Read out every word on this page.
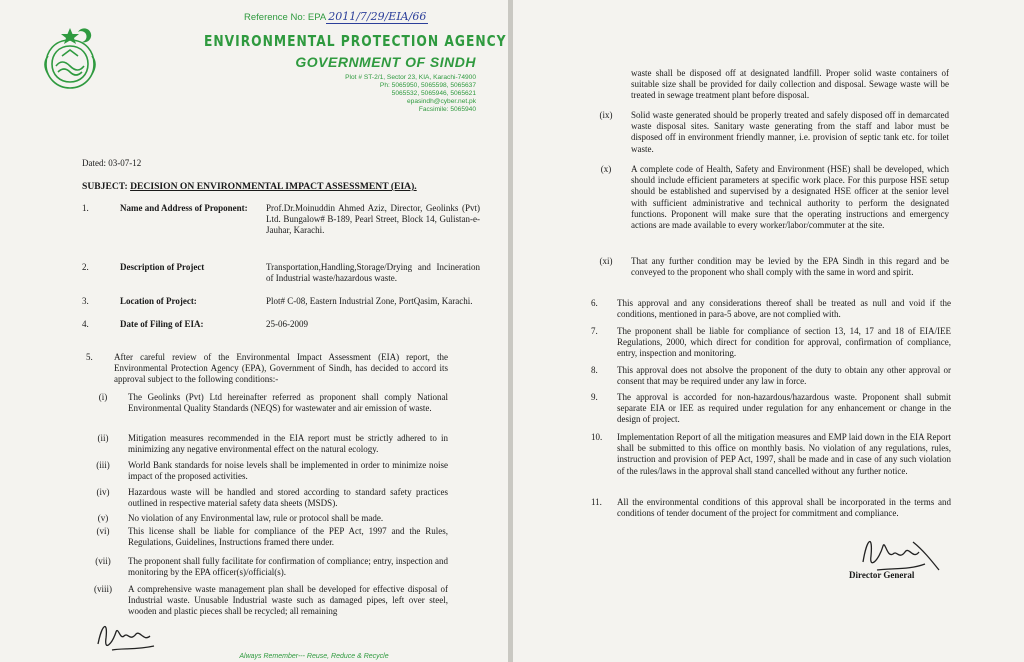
Reference No: EPA 2011/7/29/EIA/66
ENVIRONMENTAL PROTECTION AGENCY
GOVERNMENT OF SINDH
Plot # ST-2/1, Sector 23, KIA, Karachi-74900
Ph: 5065950, 5065598, 5065637
5065532, 5065946, 5065621
epasindh@cyber.net.pk
Facsimile: 5065940
Dated: 03-07-12
SUBJECT: DECISION ON ENVIRONMENTAL IMPACT ASSESSMENT (EIA).
1.	Name and Address of Proponent:	Prof.Dr.Moinuddin Ahmed Aziz, Director, Geolinks (Pvt) Ltd. Bungalow# B-189, Pearl Street, Block 14, Gulistan-e-Jauhar, Karachi.
2.	Description of Project	Transportation,Handling,Storage/Drying and Incineration of Industrial waste/hazardous waste.
3.	Location of Project:	Plot# C-08, Eastern Industrial Zone, PortQasim, Karachi.
4.	Date of Filing of EIA:	25-06-2009
5. After careful review of the Environmental Impact Assessment (EIA) report, the Environmental Protection Agency (EPA), Government of Sindh, has decided to accord its approval subject to the following conditions:-
(i)	The Geolinks (Pvt) Ltd hereinafter referred as proponent shall comply National Environmental Quality Standards (NEQS) for wastewater and air emission of waste.
(ii)	Mitigation measures recommended in the EIA report must be strictly adhered to in minimizing any negative environmental effect on the natural ecology.
(iii)	World Bank standards for noise levels shall be implemented in order to minimize noise impact of the proposed activities.
(iv)	Hazardous waste will be handled and stored according to standard safety practices outlined in respective material safety data sheets (MSDS).
(v)	No violation of any Environmental law, rule or protocol shall be made.
(vi)	This license shall be liable for compliance of the PEP Act, 1997 and the Rules, Regulations, Guidelines, Instructions framed there under.
(vii)	The proponent shall fully facilitate for confirmation of compliance; entry, inspection and monitoring by the EPA officer(s)/official(s).
(viii)	A comprehensive waste management plan shall be developed for effective disposal of Industrial waste. Unusable Industrial waste such as damaged pipes, left over steel, wooden and plastic pieces shall be recycled; all remaining
Always Remember--- Reuse, Reduce & Recycle
waste shall be disposed off at designated landfill. Proper solid waste containers of suitable size shall be provided for daily collection and disposal. Sewage waste will be treated in sewage treatment plant before disposal.
(ix)	Solid waste generated should be properly treated and safely disposed off in demarcated waste disposal sites. Sanitary waste generating from the staff and labor must be disposed off in environment friendly manner, i.e. provision of septic tank etc. for toilet waste.
(x)	A complete code of Health, Safety and Environment (HSE) shall be developed, which should include efficient parameters at specific work place. For this purpose HSE setup should be established and supervised by a designated HSE officer at the senior level with sufficient administrative and technical authority to perform the designated functions. Proponent will make sure that the operating instructions and emergency actions are made available to every worker/labor/commuter at the site.
(xi)	That any further condition may be levied by the EPA Sindh in this regard and be conveyed to the proponent who shall comply with the same in word and spirit.
6. This approval and any considerations thereof shall be treated as null and void if the conditions, mentioned in para-5 above, are not complied with.
7. The proponent shall be liable for compliance of section 13, 14, 17 and 18 of EIA/IEE Regulations, 2000, which direct for condition for approval, confirmation of compliance, entry, inspection and monitoring.
8. This approval does not absolve the proponent of the duty to obtain any other approval or consent that may be required under any law in force.
9. The approval is accorded for non-hazardous/hazardous waste. Proponent shall submit separate EIA or IEE as required under regulation for any enhancement or change in the design of project.
10. Implementation Report of all the mitigation measures and EMP laid down in the EIA Report shall be submitted to this office on monthly basis. No violation of any regulations, rules, instruction and provision of PEP Act, 1997, shall be made and in case of any such violation of the rules/laws in the approval shall stand cancelled without any further notice.
11. All the environmental conditions of this approval shall be incorporated in the terms and conditions of tender document of the project for commitment and compliance.
Director General
